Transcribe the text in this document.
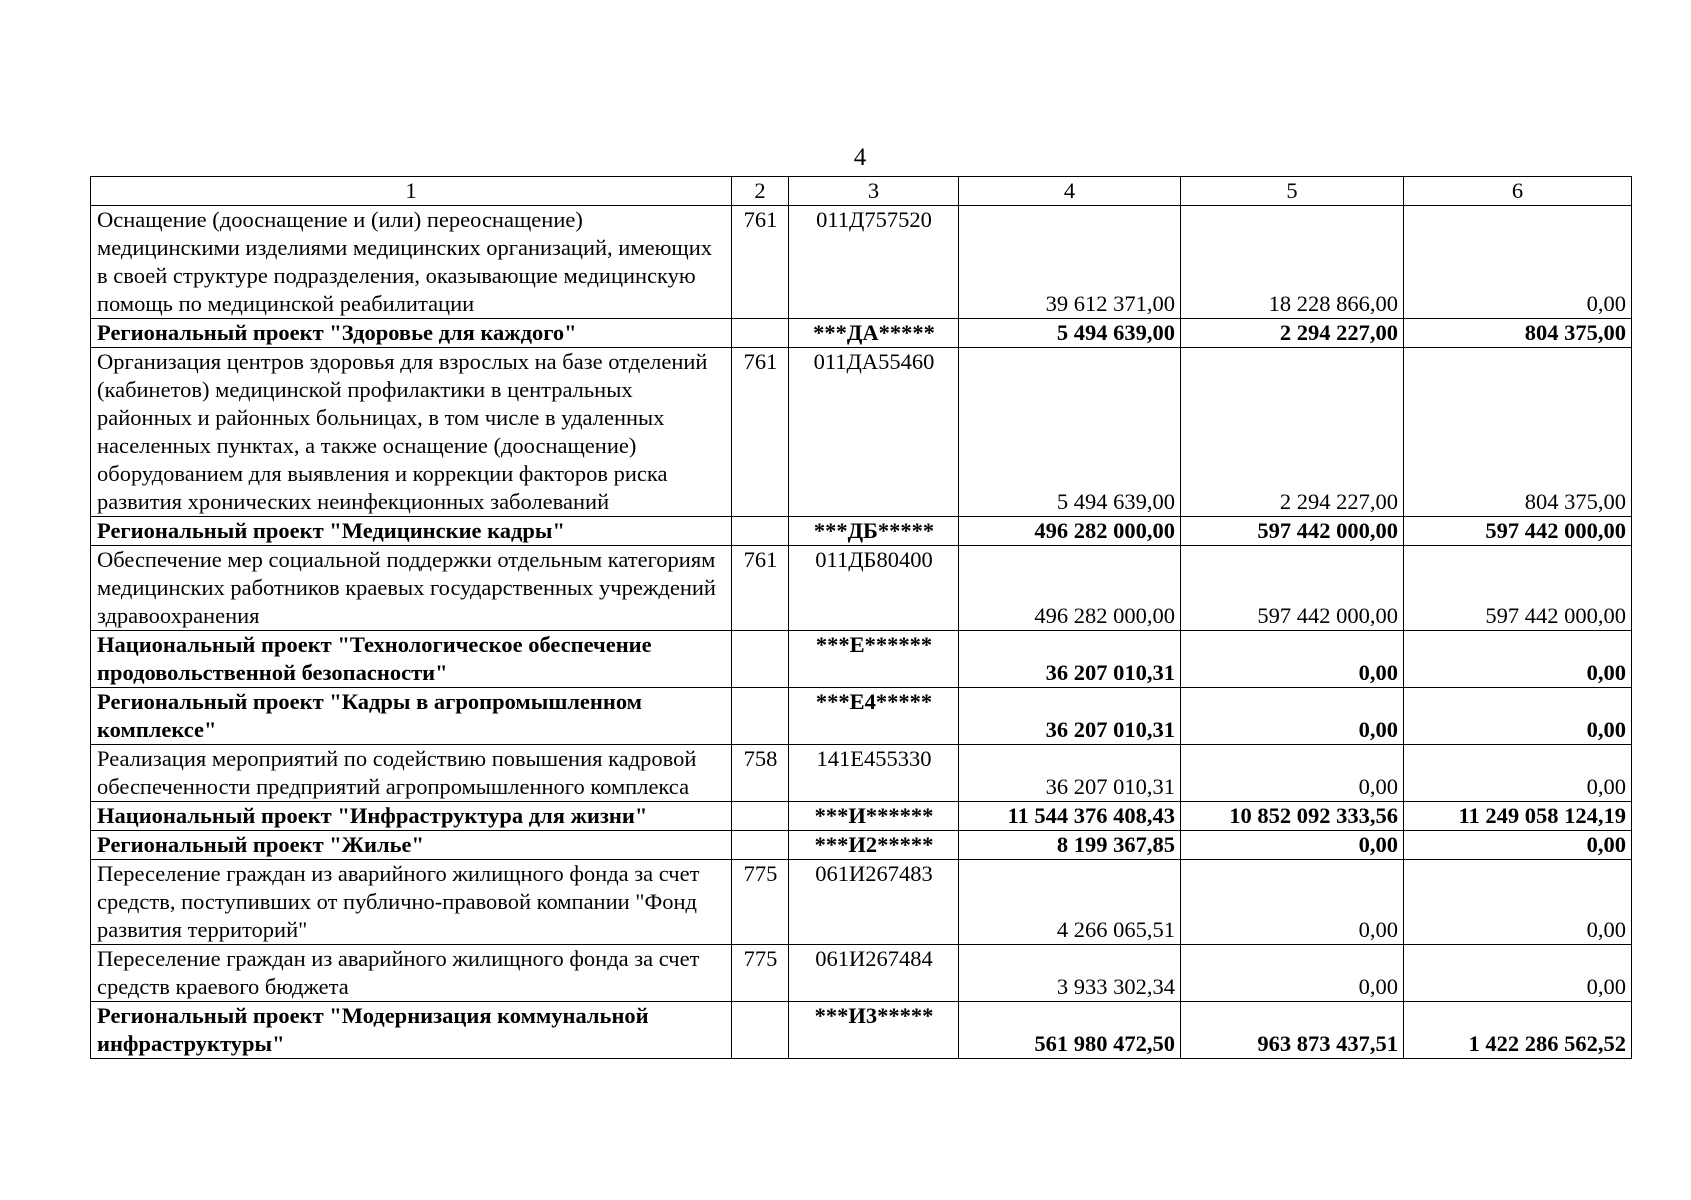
4
1	2	3	4	5	6
Оснащение (дооснащение и (или) переоснащение) медицинскими изделиями медицинских организаций, имеющих в своей структуре подразделения, оказывающие медицинскую помощь по медицинской реабилитации	761	011Д757520	39 612 371,00	18 228 866,00	0,00
Региональный проект "Здоровье для каждого"		***ДА*****	5 494 639,00	2 294 227,00	804 375,00
Организация центров здоровья для взрослых на базе отделений (кабинетов) медицинской профилактики в центральных районных и районных больницах, в том числе в удаленных населенных пунктах, а также оснащение (дооснащение) оборудованием для выявления и коррекции факторов риска развития хронических неинфекционных заболеваний	761	011ДА55460	5 494 639,00	2 294 227,00	804 375,00
Региональный проект "Медицинские кадры"		***ДБ*****	496 282 000,00	597 442 000,00	597 442 000,00
Обеспечение мер социальной поддержки отдельным категориям медицинских работников краевых государственных учреждений здравоохранения	761	011ДБ80400	496 282 000,00	597 442 000,00	597 442 000,00
Национальный проект "Технологическое обеспечение продовольственной безопасности"		***Е******	36 207 010,31	0,00	0,00
Региональный проект "Кадры в агропромышленном комплексе"		***Е4*****	36 207 010,31	0,00	0,00
Реализация мероприятий по содействию повышения кадровой обеспеченности предприятий агропромышленного комплекса	758	141Е455330	36 207 010,31	0,00	0,00
Национальный проект "Инфраструктура для жизни"		***И******	11 544 376 408,43	10 852 092 333,56	11 249 058 124,19
Региональный проект "Жилье"		***И2*****	8 199 367,85	0,00	0,00
Переселение граждан из аварийного жилищного фонда за счет средств, поступивших от публично-правовой компании "Фонд развития территорий"	775	061И267483	4 266 065,51	0,00	0,00
Переселение граждан из аварийного жилищного фонда за счет средств краевого бюджета	775	061И267484	3 933 302,34	0,00	0,00
Региональный проект "Модернизация коммунальной инфраструктуры"		***И3*****	561 980 472,50	963 873 437,51	1 422 286 562,52
